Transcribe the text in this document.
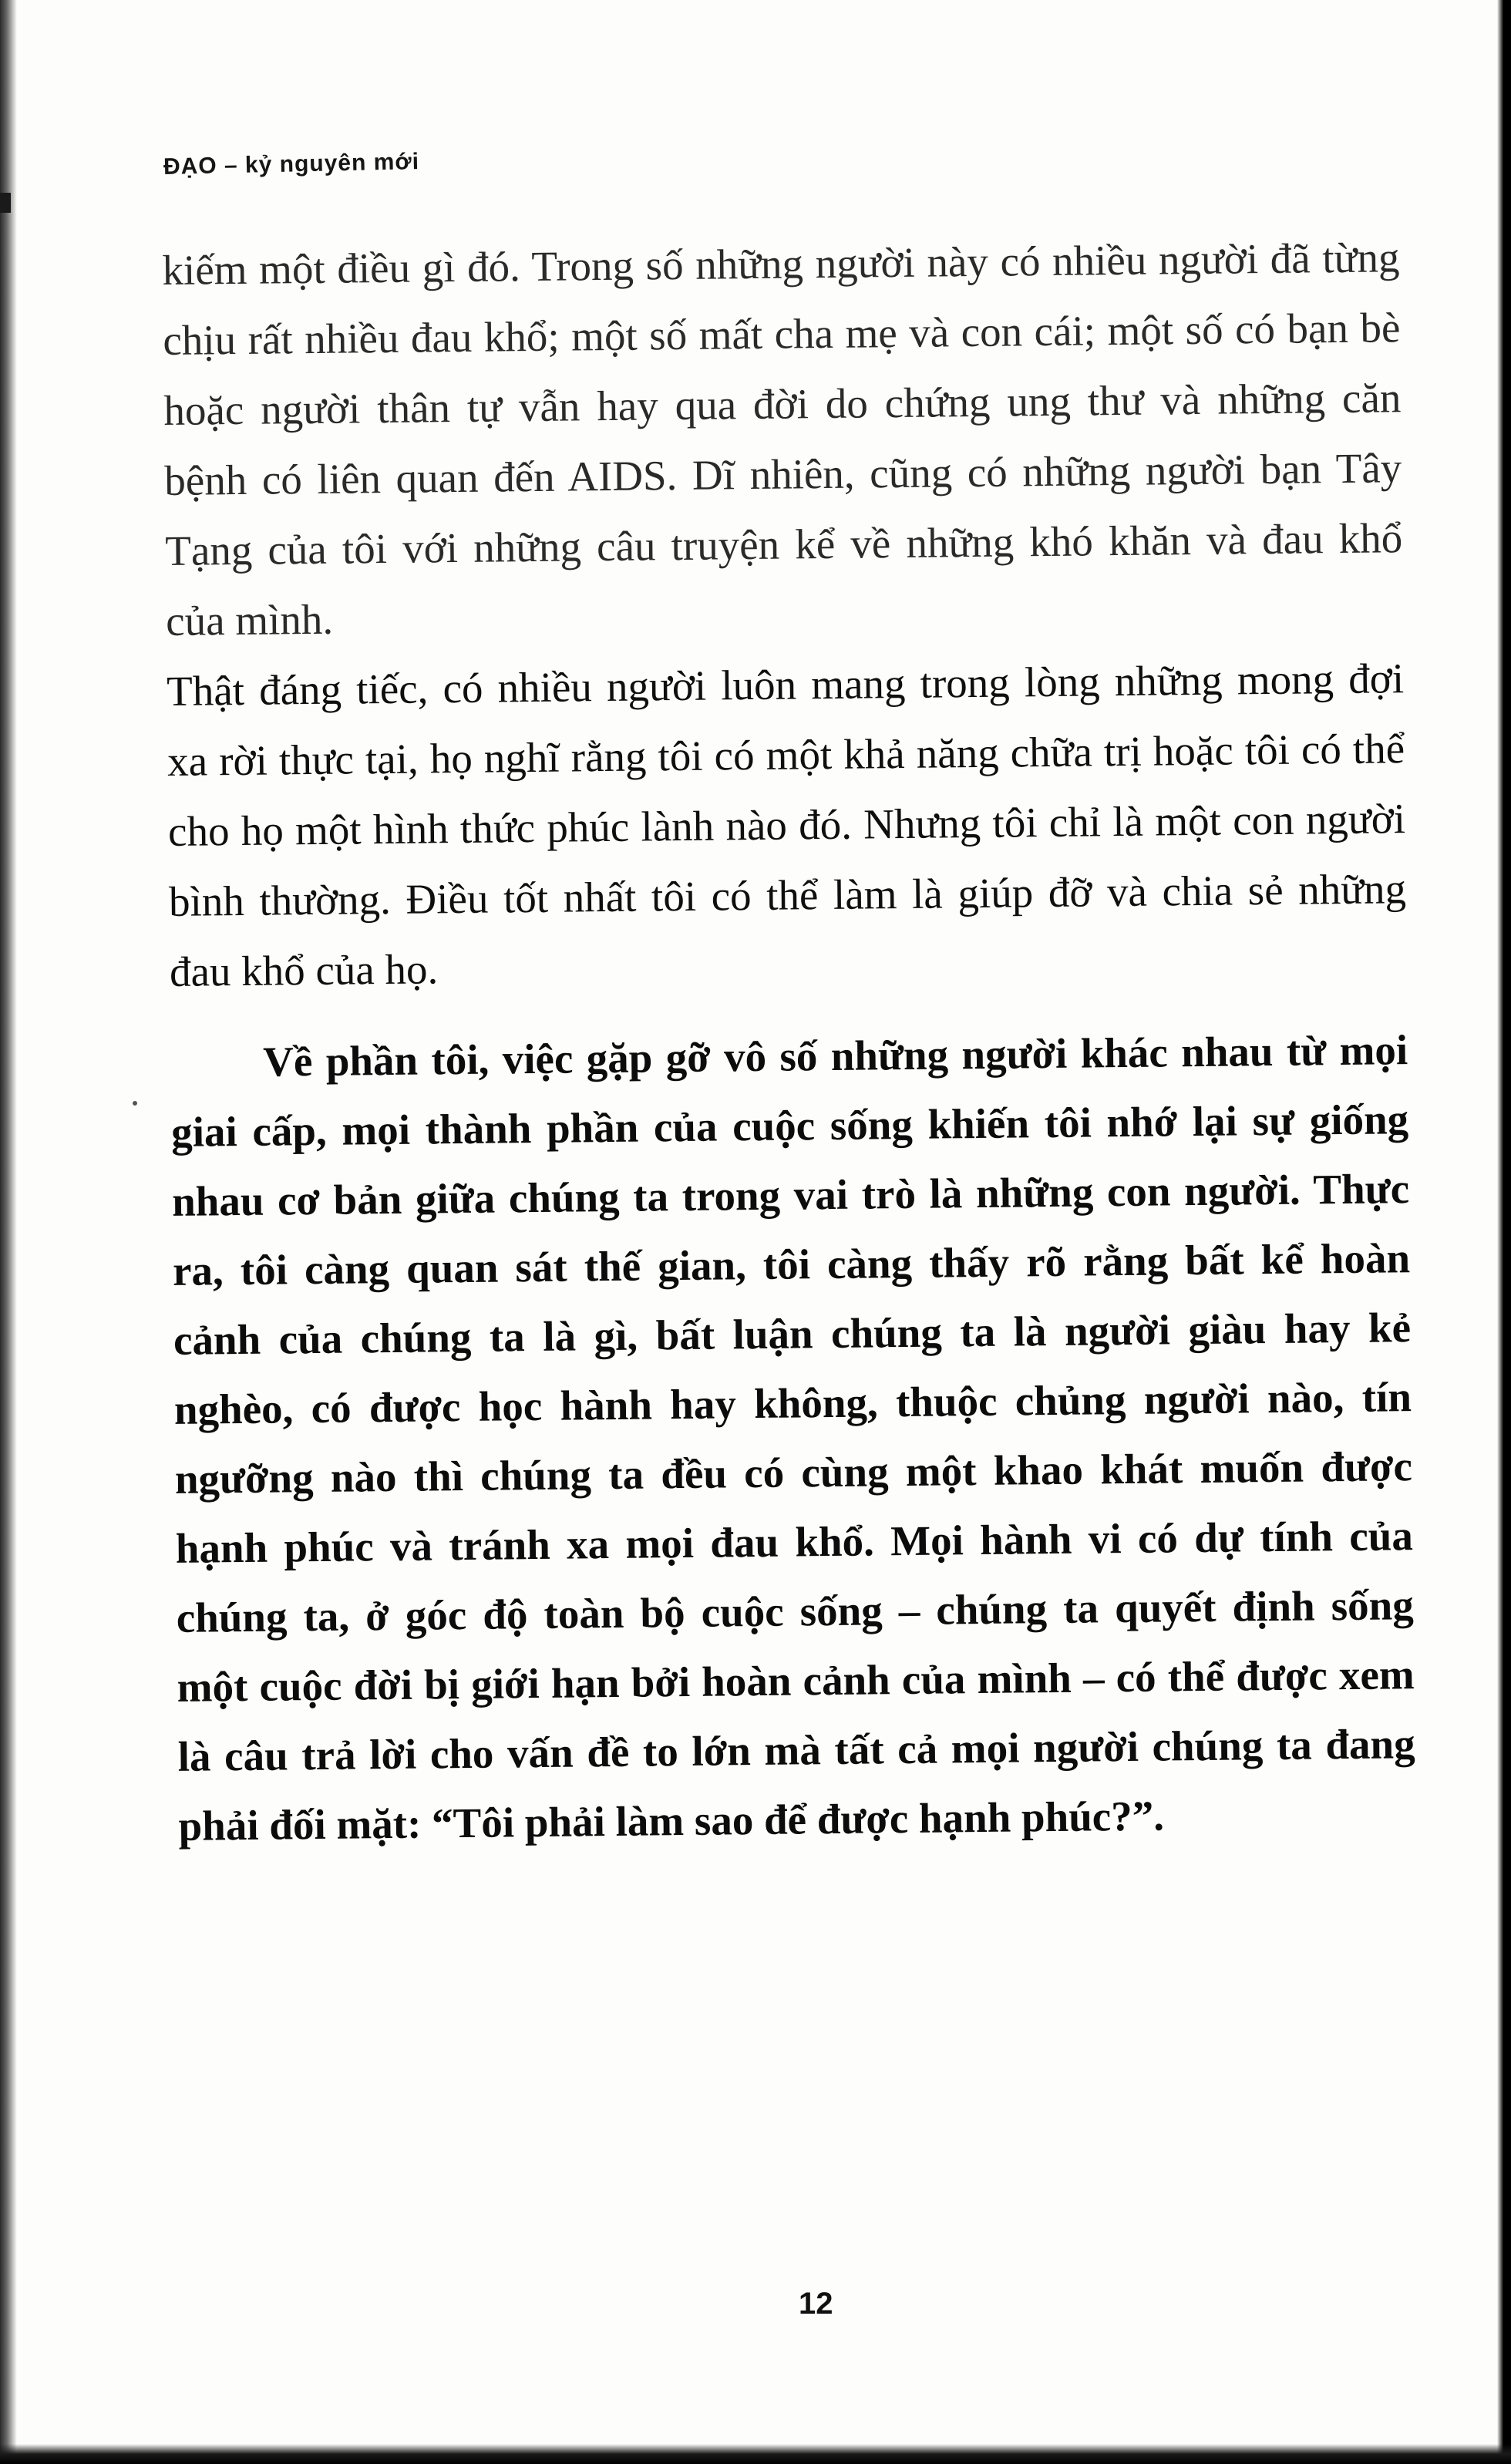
ĐẠO – kỷ nguyên mới

kiếm một điều gì đó. Trong số những người này có nhiều người đã từng chịu rất nhiều đau khổ; một số mất cha mẹ và con cái; một số có bạn bè hoặc người thân tự vẫn hay qua đời do chứng ung thư và những căn bệnh có liên quan đến AIDS. Dĩ nhiên, cũng có những người bạn Tây Tạng của tôi với những câu truyện kể về những khó khăn và đau khổ của mình.

Thật đáng tiếc, có nhiều người luôn mang trong lòng những mong đợi xa rời thực tại, họ nghĩ rằng tôi có một khả năng chữa trị hoặc tôi có thể cho họ một hình thức phúc lành nào đó. Nhưng tôi chỉ là một con người bình thường. Điều tốt nhất tôi có thể làm là giúp đỡ và chia sẻ những đau khổ của họ.

Về phần tôi, việc gặp gỡ vô số những người khác nhau từ mọi giai cấp, mọi thành phần của cuộc sống khiến tôi nhớ lại sự giống nhau cơ bản giữa chúng ta trong vai trò là những con người. Thực ra, tôi càng quan sát thế gian, tôi càng thấy rõ rằng bất kể hoàn cảnh của chúng ta là gì, bất luận chúng ta là người giàu hay kẻ nghèo, có được học hành hay không, thuộc chủng người nào, tín ngưỡng nào thì chúng ta đều có cùng một khao khát muốn được hạnh phúc và tránh xa mọi đau khổ. Mọi hành vi có dự tính của chúng ta, ở góc độ toàn bộ cuộc sống – chúng ta quyết định sống một cuộc đời bị giới hạn bởi hoàn cảnh của mình – có thể được xem là câu trả lời cho vấn đề to lớn mà tất cả mọi người chúng ta đang phải đối mặt: “Tôi phải làm sao để được hạnh phúc?”.

12
